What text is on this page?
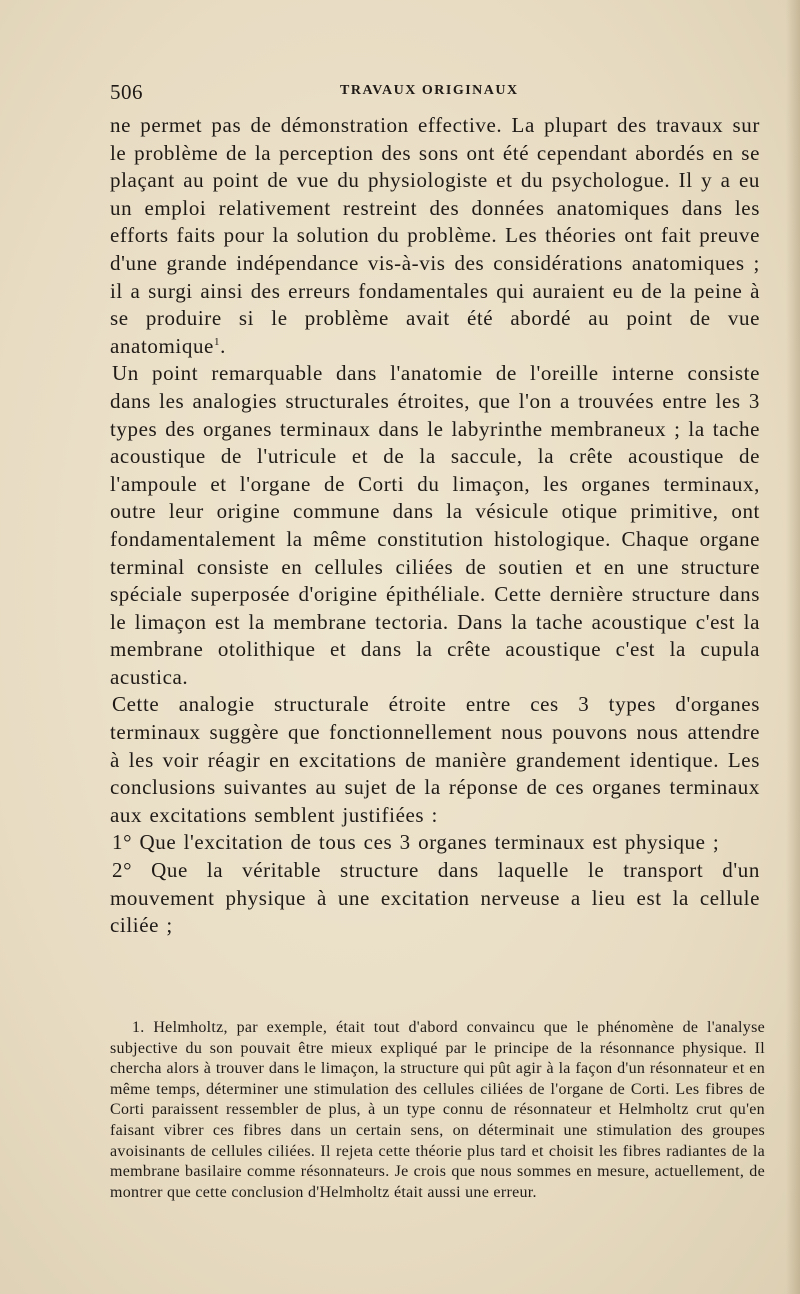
506	TRAVAUX ORIGINAUX

ne permet pas de démonstration effective. La plupart des travaux sur le problème de la perception des sons ont été cependant abordés en se plaçant au point de vue du physiologiste et du psychologue. Il y a eu un emploi relativement restreint des données anatomiques dans les efforts faits pour la solution du problème. Les théories ont fait preuve d'une grande indépendance vis-à-vis des considérations anatomiques ; il a surgi ainsi des erreurs fondamentales qui auraient eu de la peine à se produire si le problème avait été abordé au point de vue anatomique$^1$.

Un point remarquable dans l'anatomie de l'oreille interne consiste dans les analogies structurales étroites, que l'on a trouvées entre les 3 types des organes terminaux dans le labyrinthe membraneux ; la tache acoustique de l'utricule et de la saccule, la crête acoustique de l'ampoule et l'organe de Corti du limaçon, les organes terminaux, outre leur origine commune dans la vésicule otique primitive, ont fondamentalement la même constitution histologique. Chaque organe terminal consiste en cellules ciliées de soutien et en une structure spéciale superposée d'origine épithéliale. Cette dernière structure dans le limaçon est la membrane tectoria. Dans la tache acoustique c'est la membrane otolithique et dans la crête acoustique c'est la cupula acustica.

Cette analogie structurale étroite entre ces 3 types d'organes terminaux suggère que fonctionnellement nous pouvons nous attendre à les voir réagir en excitations de manière grandement identique. Les conclusions suivantes au sujet de la réponse de ces organes terminaux aux excitations semblent justifiées :

1° Que l'excitation de tous ces 3 organes terminaux est physique ;

2° Que la véritable structure dans laquelle le transport d'un mouvement physique à une excitation nerveuse a lieu est la cellule ciliée ;

1. Helmholtz, par exemple, était tout d'abord convaincu que le phénomène de l'analyse subjective du son pouvait être mieux expliqué par le principe de la résonnance physique. Il chercha alors à trouver dans le limaçon, la structure qui pût agir à la façon d'un résonnateur et en même temps, déterminer une stimulation des cellules ciliées de l'organe de Corti. Les fibres de Corti paraissent ressembler de plus, à un type connu de résonnateur et Helmholtz crut qu'en faisant vibrer ces fibres dans un certain sens, on déterminait une stimulation des groupes avoisinants de cellules ciliées. Il rejeta cette théorie plus tard et choisit les fibres radiantes de la membrane basilaire comme résonnateurs. Je crois que nous sommes en mesure, actuellement, de montrer que cette conclusion d'Helmholtz était aussi une erreur.
